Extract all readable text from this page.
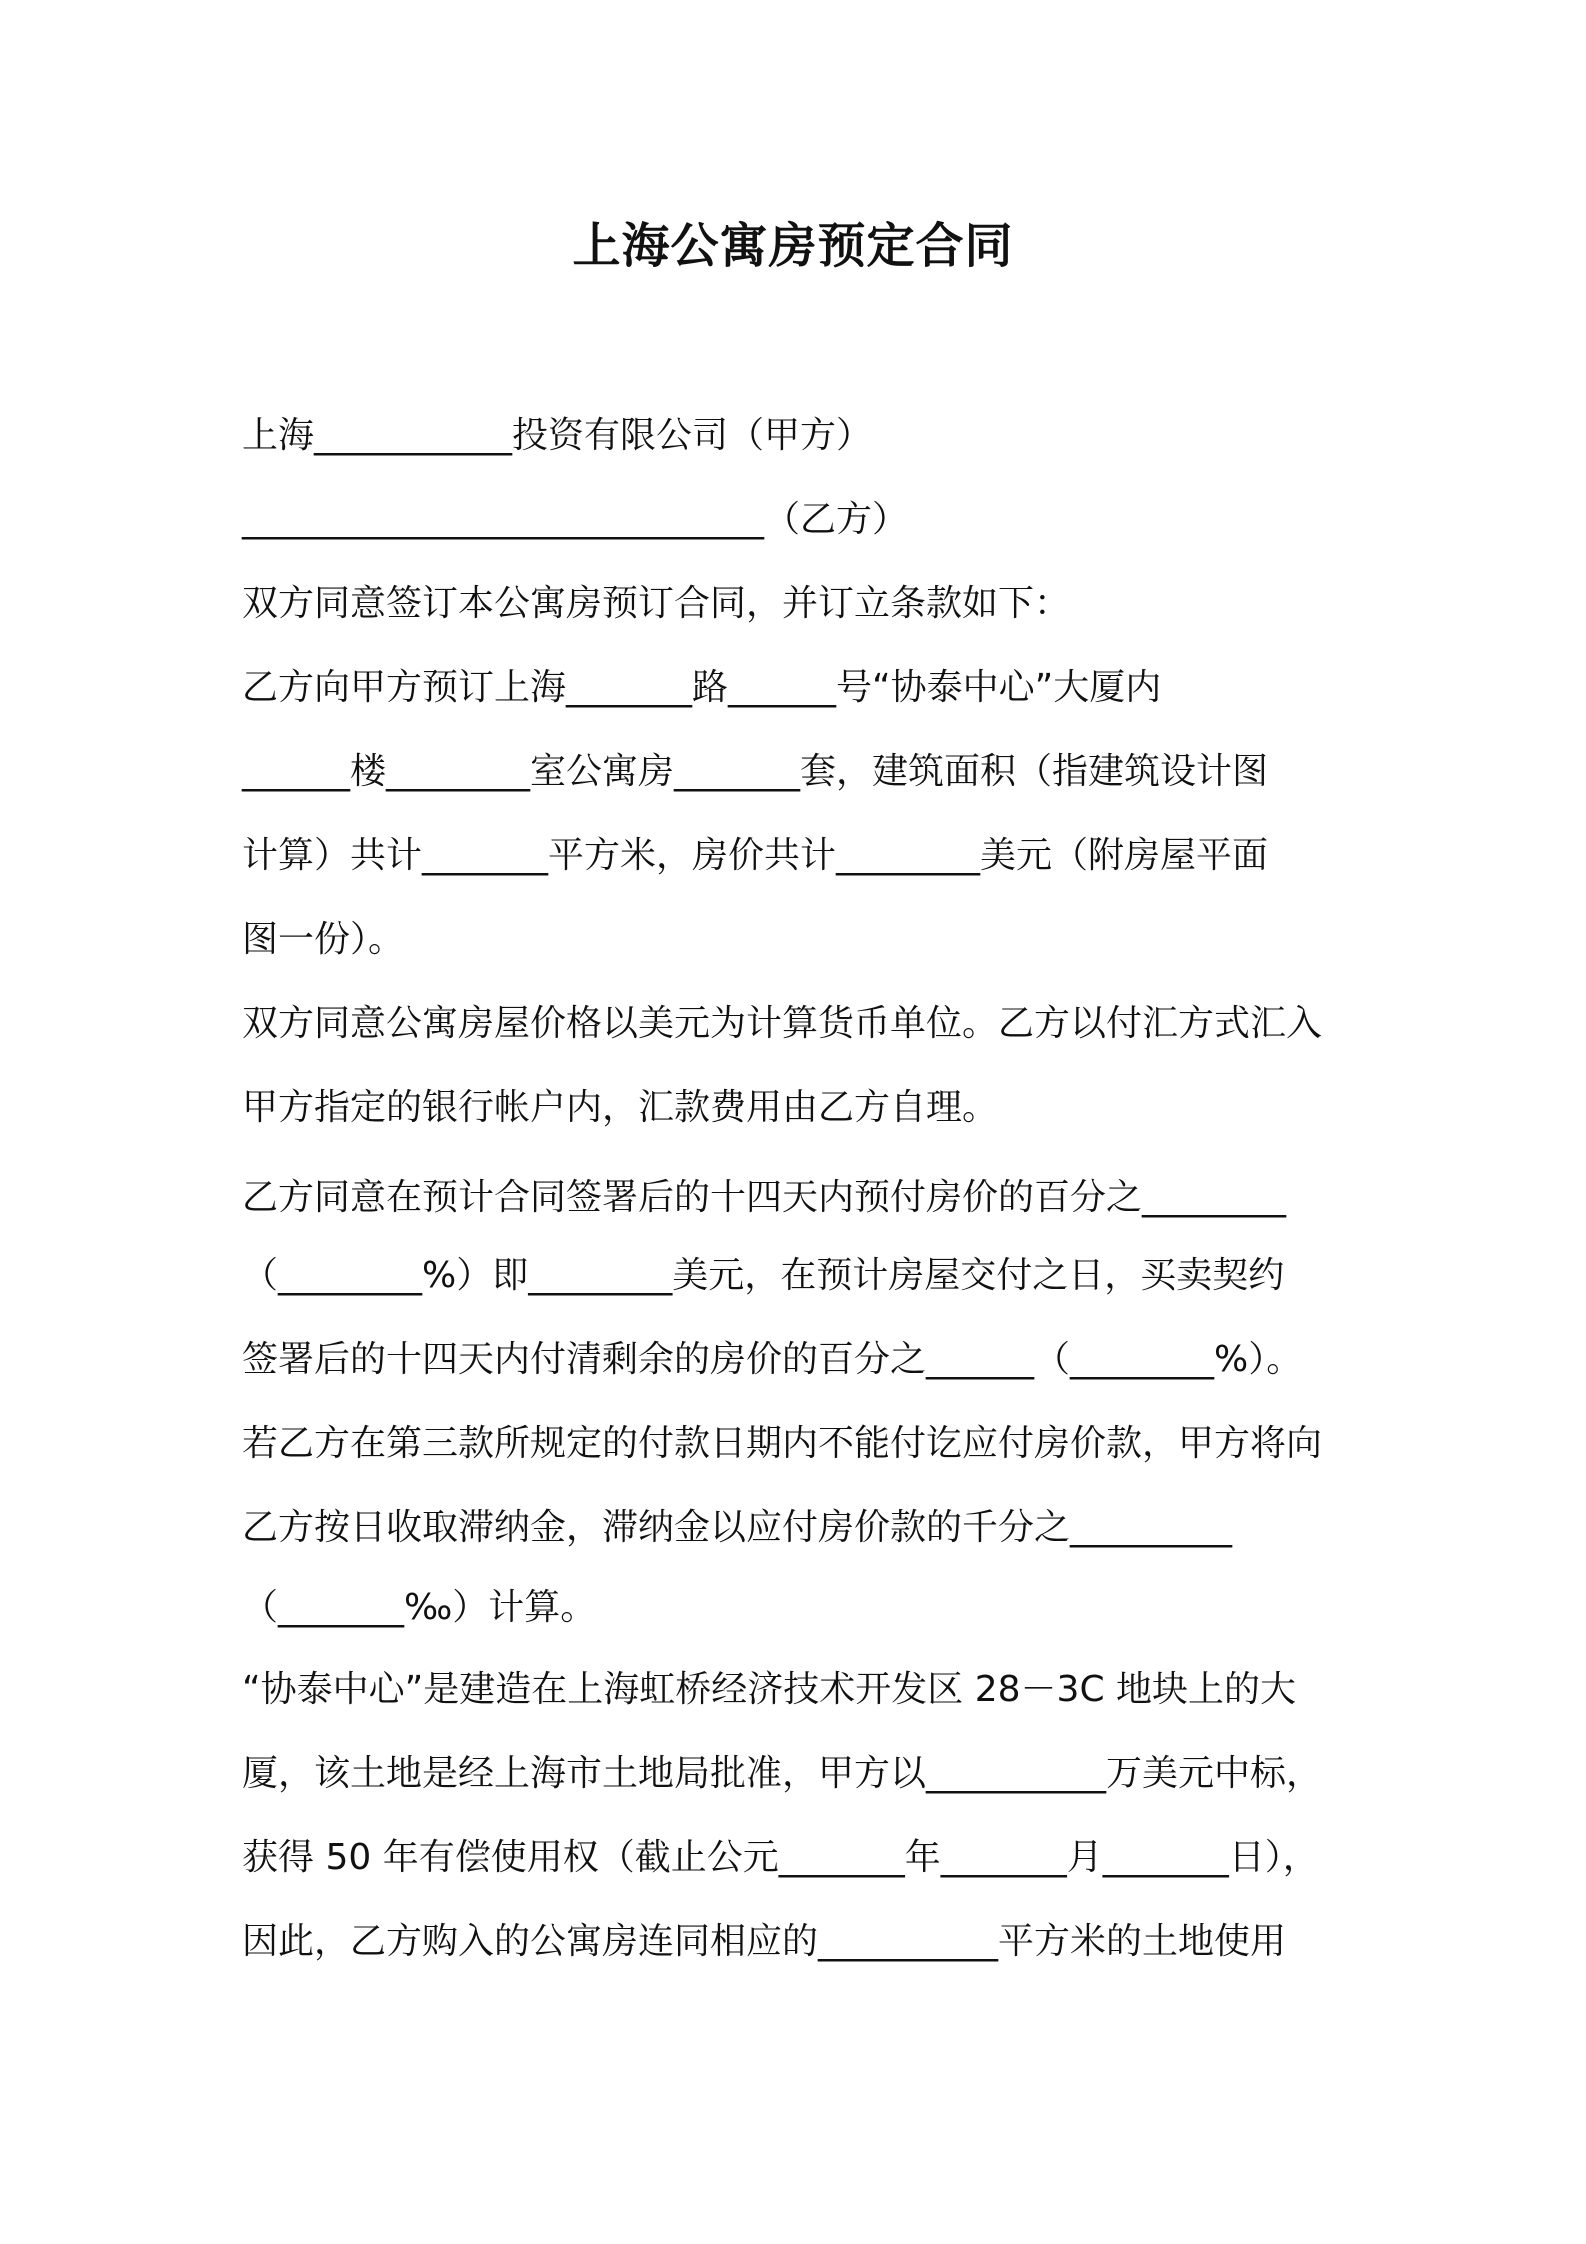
上海公寓房预定合同
上海___________投资有限公司（甲方）
_____________________________（乙方）
双方同意签订本公寓房预订合同，并订立条款如下：
乙方向甲方预订上海_______路______号“协泰中心”大厦内
______楼________室公寓房_______套，建筑面积（指建筑设计图
计算）共计_______平方米，房价共计________美元（附房屋平面
图一份）。
双方同意公寓房屋价格以美元为计算货币单位。乙方以付汇方式汇入
甲方指定的银行帐户内，汇款费用由乙方自理。
乙方同意在预计合同签署后的十四天内预付房价的百分之________
（________%）即________美元，在预计房屋交付之日，买卖契约
签署后的十四天内付清剩余的房价的百分之______（________%）。
若乙方在第三款所规定的付款日期内不能付讫应付房价款，甲方将向
乙方按日收取滞纳金，滞纳金以应付房价款的千分之_________
（_______‰）计算。
“协泰中心”是建造在上海虹桥经济技术开发区 28－3C 地块上的大
厦，该土地是经上海市土地局批准，甲方以__________万美元中标，
获得 50 年有偿使用权（截止公元_______年_______月_______日），
因此，乙方购入的公寓房连同相应的__________平方米的土地使用
